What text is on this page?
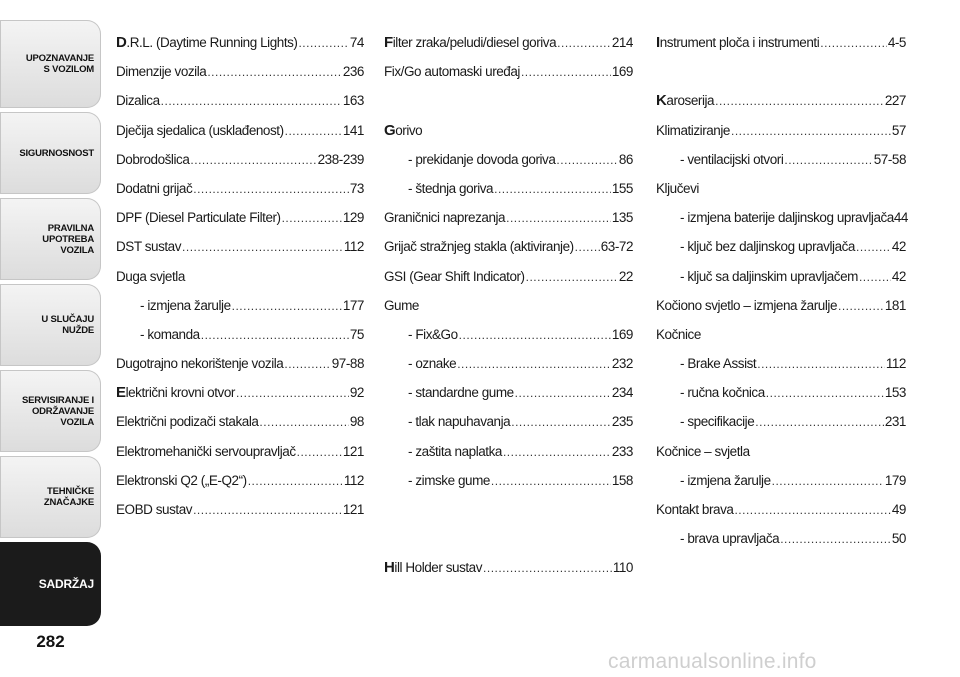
UPOZNAVANJE
S VOZILOM
SIGURNOSNOST
PRAVILNA
UPOTREBA
VOZILA
U SLUČAJU
NUŽDE
SERVISIRANJE I
ODRŽAVANJE
VOZILA
TEHNIČKE
ZNAČAJKE
SADRŽAJ
282
D.R.L. (Daytime Running Lights) .....	74
Dimenzije vozila .....	236
Dizalica .....	163
Dječija sjedalica (usklađenost) .....	141
Dobrodošlica .....	238-239
Dodatni grijač .....	73
DPF (Diesel Particulate Filter) .....	129
DST sustav .....	112
Duga svjetla
- izmjena žarulje .....	177
- komanda .....	75
Dugotrajno nekorištenje vozila .....	97-88
Električni krovni otvor .....	92
Električni podizači stakala .....	98
Elektromehanički servoupravljač .....	121
Elektronski Q2 („E-Q2“) .....	112
EOBD sustav .....	121
Filter zraka/peludi/diesel goriva .....	214
Fix/Go automaski uređaj .....	169
Gorivo
- prekidanje dovoda goriva .....	86
- štednja goriva .....	155
Graničnici naprezanja .....	135
Grijač stražnjeg stakla (aktiviranje) ..... 63-72
GSI (Gear Shift Indicator) .....	22
Gume
- Fix&Go .....	169
- oznake .....	232
- standardne gume .....	234
- tlak napuhavanja .....	235
- zaštita naplatka .....	233
- zimske gume .....	158
Hill Holder sustav .....	110
Instrument ploča i instrumenti .....	4-5
Karoserija .....	227
Klimatiziranje .....	57
- ventilacijski otvori .....	57-58
Ključevi
- izmjena baterije daljinskog upravljača 44
- ključ bez daljinskog upravljača .....	42
- ključ sa daljinskim upravljačem .....	42
Kočiono svjetlo – izmjena žarulje .....	181
Kočnice
- Brake Assist .....	112
- ručna kočnica .....	153
- specifikacije .....	231
Kočnice – svjetla
- izmjena žarulje .....	179
Kontakt brava .....	49
- brava upravljača .....	50
carmanualsonline.info
